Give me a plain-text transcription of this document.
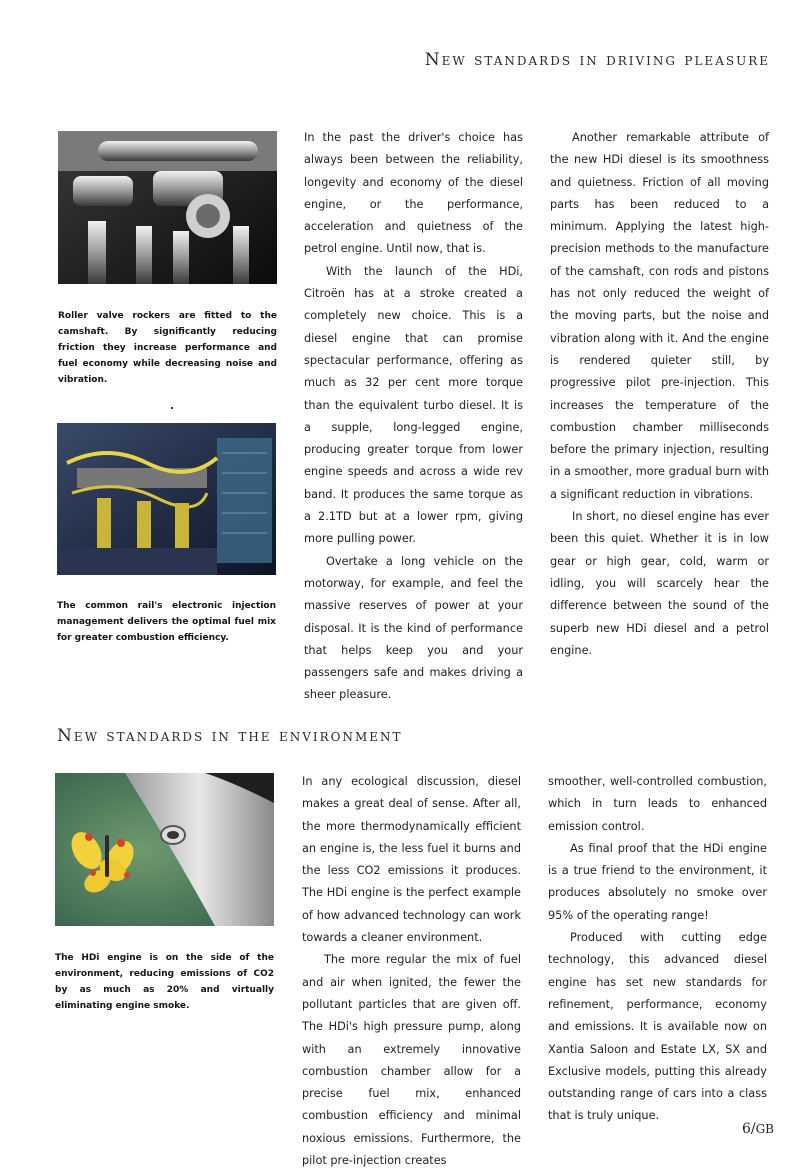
New standards in driving pleasure
Roller valve rockers are fitted to the camshaft. By significantly reducing friction they increase performance and fuel economy while decreasing noise and vibration.
The common rail's electronic injection management delivers the optimal fuel mix for greater combustion efficiency.

In the past the driver's choice has always been between the reliability, longevity and economy of the diesel engine, or the performance, acceleration and quietness of the petrol engine. Until now, that is.

With the launch of the HDi, Citroën has at a stroke created a completely new choice. This is a diesel engine that can promise spectacular performance, offering as much as 32 per cent more torque than the equivalent turbo diesel. It is a supple, long-legged engine, producing greater torque from lower engine speeds and across a wide rev band. It produces the same torque as a 2.1TD but at a lower rpm, giving more pulling power.

Overtake a long vehicle on the motorway, for example, and feel the massive reserves of power at your disposal. It is the kind of performance that helps keep you and your passengers safe and makes driving a sheer pleasure.

Another remarkable attribute of the new HDi diesel is its smoothness and quietness. Friction of all moving parts has been reduced to a minimum. Applying the latest high-precision methods to the manufacture of the camshaft, con rods and pistons has not only reduced the weight of the moving parts, but the noise and vibration along with it. And the engine is rendered quieter still, by progressive pilot pre-injection. This increases the temperature of the combustion chamber milliseconds before the primary injection, resulting in a smoother, more gradual burn with a significant reduction in vibrations.

In short, no diesel engine has ever been this quiet. Whether it is in low gear or high gear, cold, warm or idling, you will scarcely hear the difference between the sound of the superb new HDi diesel and a petrol engine.

New standards in the environment
The HDi engine is on the side of the environment, reducing emissions of CO2 by as much as 20% and virtually eliminating engine smoke.

In any ecological discussion, diesel makes a great deal of sense. After all, the more thermodynamically efficient an engine is, the less fuel it burns and the less CO2 emissions it produces. The HDi engine is the perfect example of how advanced technology can work towards a cleaner environment.

The more regular the mix of fuel and air when ignited, the fewer the pollutant particles that are given off. The HDi's high pressure pump, along with an extremely innovative combustion chamber allow for a precise fuel mix, enhanced combustion efficiency and minimal noxious emissions. Furthermore, the pilot pre-injection creates

smoother, well-controlled combustion, which in turn leads to enhanced emission control.

As final proof that the HDi engine is a true friend to the environment, it produces absolutely no smoke over 95% of the operating range!

Produced with cutting edge technology, this advanced diesel engine has set new standards for refinement, performance, economy and emissions. It is available now on Xantia Saloon and Estate LX, SX and Exclusive models, putting this already outstanding range of cars into a class that is truly unique.

6/GB
